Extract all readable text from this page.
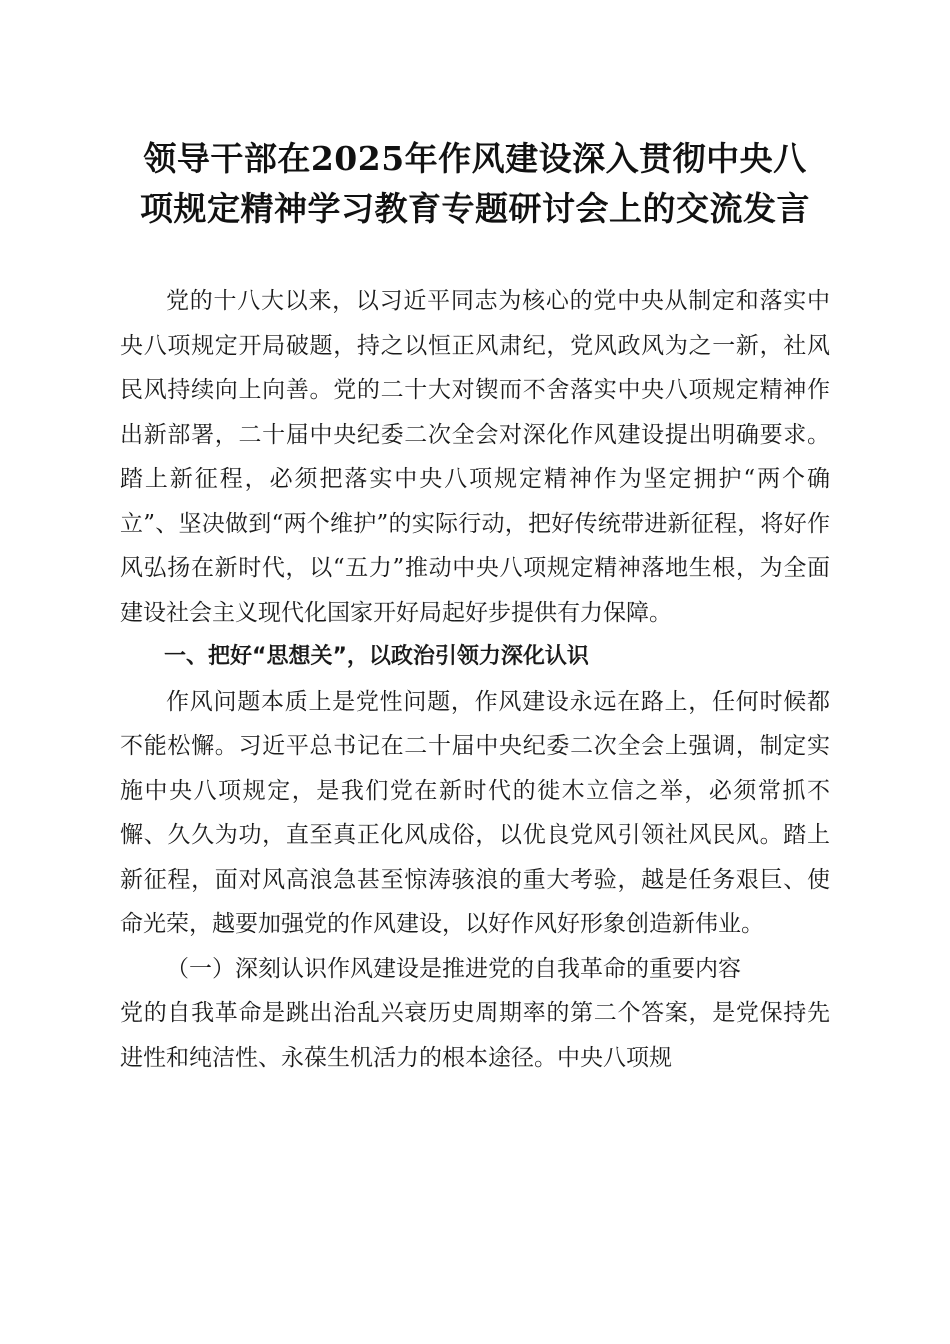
领导干部在2025年作风建设深入贯彻中央八
项规定精神学习教育专题研讨会上的交流发言

党的十八大以来，以习近平同志为核心的党中央从制定和落实中央八项规定开局破题，持之以恒正风肃纪，党风政风为之一新，社风民风持续向上向善。党的二十大对锲而不舍落实中央八项规定精神作出新部署，二十届中央纪委二次全会对深化作风建设提出明确要求。踏上新征程，必须把落实中央八项规定精神作为坚定拥护“两个确立”、坚决做到“两个维护”的实际行动，把好传统带进新征程，将好作风弘扬在新时代，以“五力”推动中央八项规定精神落地生根，为全面建设社会主义现代化国家开好局起好步提供有力保障。

一、把好“思想关”，以政治引领力深化认识

作风问题本质上是党性问题，作风建设永远在路上，任何时候都不能松懈。习近平总书记在二十届中央纪委二次全会上强调，制定实施中央八项规定，是我们党在新时代的徙木立信之举，必须常抓不懈、久久为功，直至真正化风成俗，以优良党风引领社风民风。踏上新征程，面对风高浪急甚至惊涛骇浪的重大考验，越是任务艰巨、使命光荣，越要加强党的作风建设，以好作风好形象创造新伟业。

（一）深刻认识作风建设是推进党的自我革命的重要内容

党的自我革命是跳出治乱兴衰历史周期率的第二个答案，是党保持先进性和纯洁性、永葆生机活力的根本途径。中央八项规
